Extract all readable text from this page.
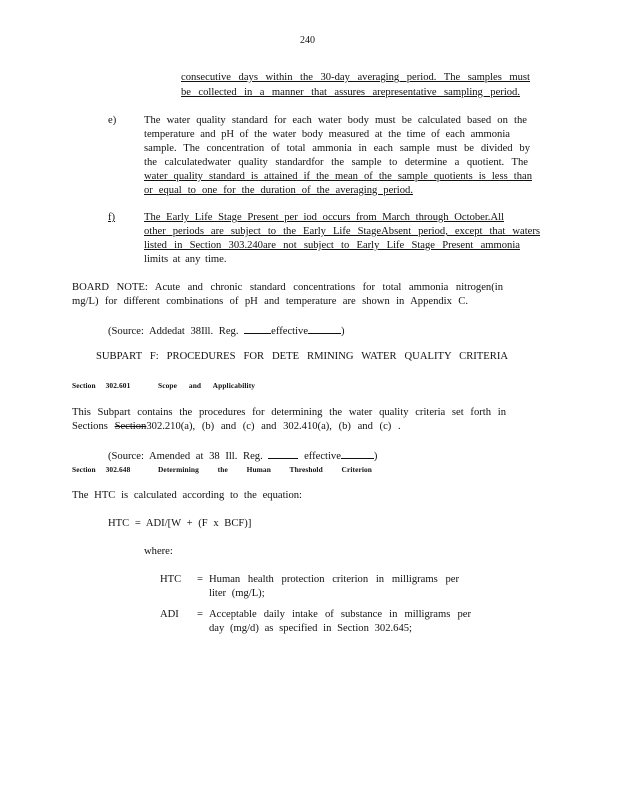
240
consecutive days within the 30-day averaging period. The samples must
be collected in a manner that assures arepresentative sampling period.
e)	The water quality standard for each water body must be calculated based on the
temperature and pH of the water body measured at the time of each ammonia
sample. The concentration of total ammonia in each sample must be divided by
the calculatedwater quality standardfor the sample to determine a quotient. The
water quality standard is attained if the mean of the sample quotients is less than
or equal to one for the duration of the averaging period.
f)	The Early Life Stage Present per iod occurs from March through October.All
other periods are subject to the Early Life StageAbsent period, except that waters
listed in Section 303.240are not subject to Early Life Stage Present ammonia
limits at any time.
BOARD NOTE: Acute and chronic standard concentrations for total ammonia nitrogen(in
mg/L) for different combinations of pH and temperature are shown in Appendix C.
(Source: Addedat 38Ill. Reg.	effective	)
SUBPART F: PROCEDURES FOR DETE RMINING WATER QUALITY CRITERIA
Section 302.601	Scope and Applicability
This Subpart contains the procedures for determining the water quality criteria set forth in
Sections Section302.210(a), (b) and (c) and 302.410(a), (b) and (c) .
(Source: Amended at 38 Ill. Reg.	effective	)
Section 302.648	Determining the Human Threshold Criterion
The HTC is calculated according to the equation:
HTC = ADI/[W + (F x BCF)]
where:
HTC = Human health protection criterion in milligrams per
liter (mg/L);
ADI = Acceptable daily intake of substance in milligrams per
day (mg/d) as specified in Section 302.645;
